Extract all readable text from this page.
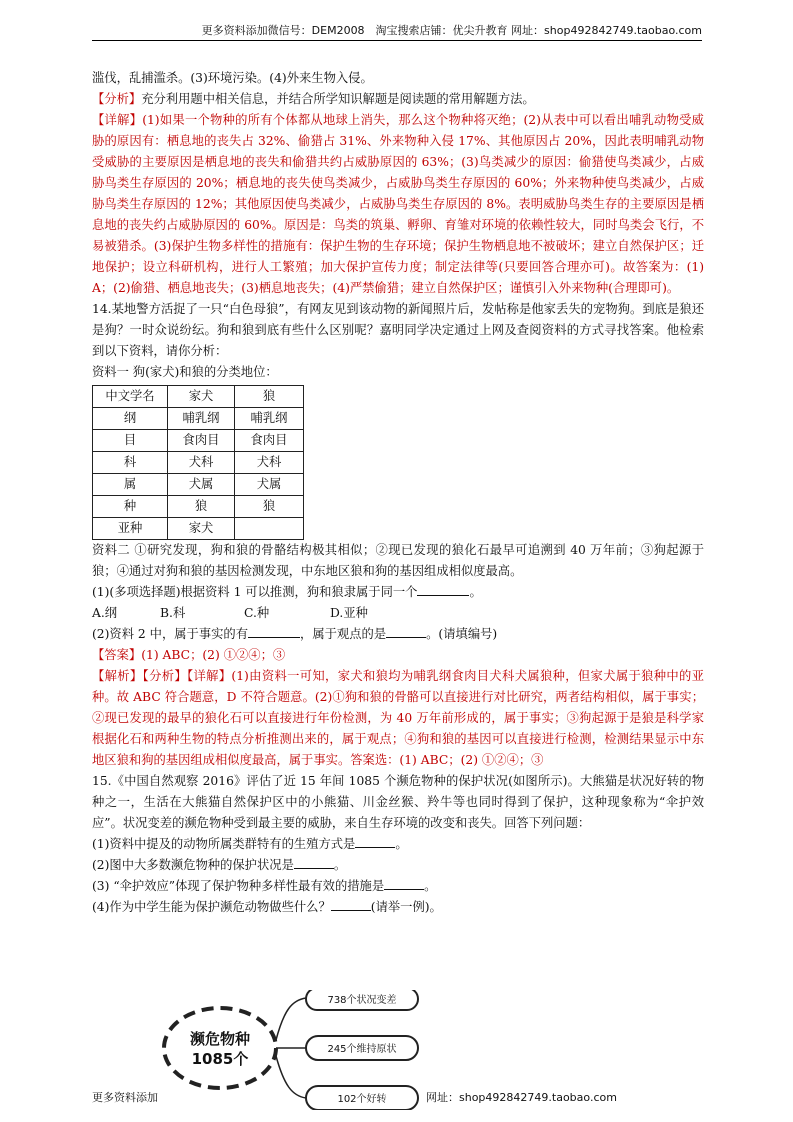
更多资料添加微信号：DEM2008　淘宝搜索店铺：优尖升教育 网址：shop492842749.taobao.com

滥伐，乱捕滥杀。(3)环境污染。(4)外来生物入侵。

【分析】充分利用题中相关信息，并结合所学知识解题是阅读题的常用解题方法。

【详解】(1)如果一个物种的所有个体都从地球上消失，那么这个物种将灭绝；(2)从表中可以看出哺乳动物受威胁的原因有：栖息地的丧失占 32%、偷猎占 31%、外来物种入侵 17%、其他原因占 20%，因此表明哺乳动物受威胁的主要原因是栖息地的丧失和偷猎共约占威胁原因的 63%；(3)鸟类减少的原因：偷猎使鸟类减少，占威胁鸟类生存原因的 20%；栖息地的丧失使鸟类减少，占威胁鸟类生存原因的 60%；外来物种使鸟类减少，占威胁鸟类生存原因的 12%；其他原因使鸟类减少，占威胁鸟类生存原因的 8%。表明威胁鸟类生存的主要原因是栖息地的丧失约占威胁原因的 60%。原因是：鸟类的筑巢、孵卵、育雏对环境的依赖性较大，同时鸟类会飞行，不易被猎杀。(3)保护生物多样性的措施有：保护生物的生存环境；保护生物栖息地不被破坏；建立自然保护区；迁地保护；设立科研机构，进行人工繁殖；加大保护宣传力度；制定法律等(只要回答合理亦可)。故答案为：(1) A；(2)偷猎、栖息地丧失；(3)栖息地丧失；(4)严禁偷猎；建立自然保护区；谨慎引入外来物种(合理即可)。

14.某地警方活捉了一只“白色母狼”，有网友见到该动物的新闻照片后，发帖称是他家丢失的宠物狗。到底是狼还是狗？一时众说纷纭。狗和狼到底有些什么区别呢？嘉明同学决定通过上网及查阅资料的方式寻找答案。他检索到以下资料，请你分析：

资料一 狗(家犬)和狼的分类地位：

中文学名	家犬	狼
纲	哺乳纲	哺乳纲
目	食肉目	食肉目
科	犬科	犬科
属	犬属	犬属
种	狼	狼
亚种	家犬	

资料二 ①研究发现，狗和狼的骨骼结构极其相似；②现已发现的狼化石最早可追溯到 40 万年前；③狗起源于狼；④通过对狗和狼的基因检测发现，中东地区狼和狗的基因组成相似度最高。

(1)(多项选择题)根据资料 1 可以推测，狗和狼隶属于同一个	。

A.纲	B.科	C.种	D.亚种

(2)资料 2 中，属于事实的有	，属于观点的是	。(请填编号)

【答案】(1) ABC；(2) ①②④；③

【解析】【分析】【详解】(1)由资料一可知，家犬和狼均为哺乳纲食肉目犬科犬属狼种，但家犬属于狼种中的亚种。故 ABC 符合题意，D 不符合题意。(2)①狗和狼的骨骼可以直接进行对比研究，两者结构相似，属于事实；②现已发现的最早的狼化石可以直接进行年份检测，为 40 万年前形成的，属于事实；③狗起源于是狼是科学家根据化石和两种生物的特点分析推测出来的，属于观点；④狗和狼的基因可以直接进行检测，检测结果显示中东地区狼和狗的基因组成相似度最高，属于事实。答案选：(1) ABC；(2) ①②④；③

15.《中国自然观察 2016》评估了近 15 年间 1085 个濒危物种的保护状况(如图所示)。大熊猫是状况好转的物种之一，生活在大熊猫自然保护区中的小熊猫、川金丝猴、羚牛等也同时得到了保护，这种现象称为“伞护效应”。状况变差的濒危物种受到最主要的威胁，来自生存环境的改变和丧失。回答下列问题：

(1)资料中提及的动物所属类群特有的生殖方式是	。

(2)图中大多数濒危物种的保护状况是	。

(3) “伞护效应”体现了保护物种多样性最有效的措施是	。

(4)作为中学生能为保护濒危动物做些什么？	(请举一例)。

濒危物种
1085个
738个状况变差
245个维持原状
102个好转
更多资料添加	网址：shop492842749.taobao.com
